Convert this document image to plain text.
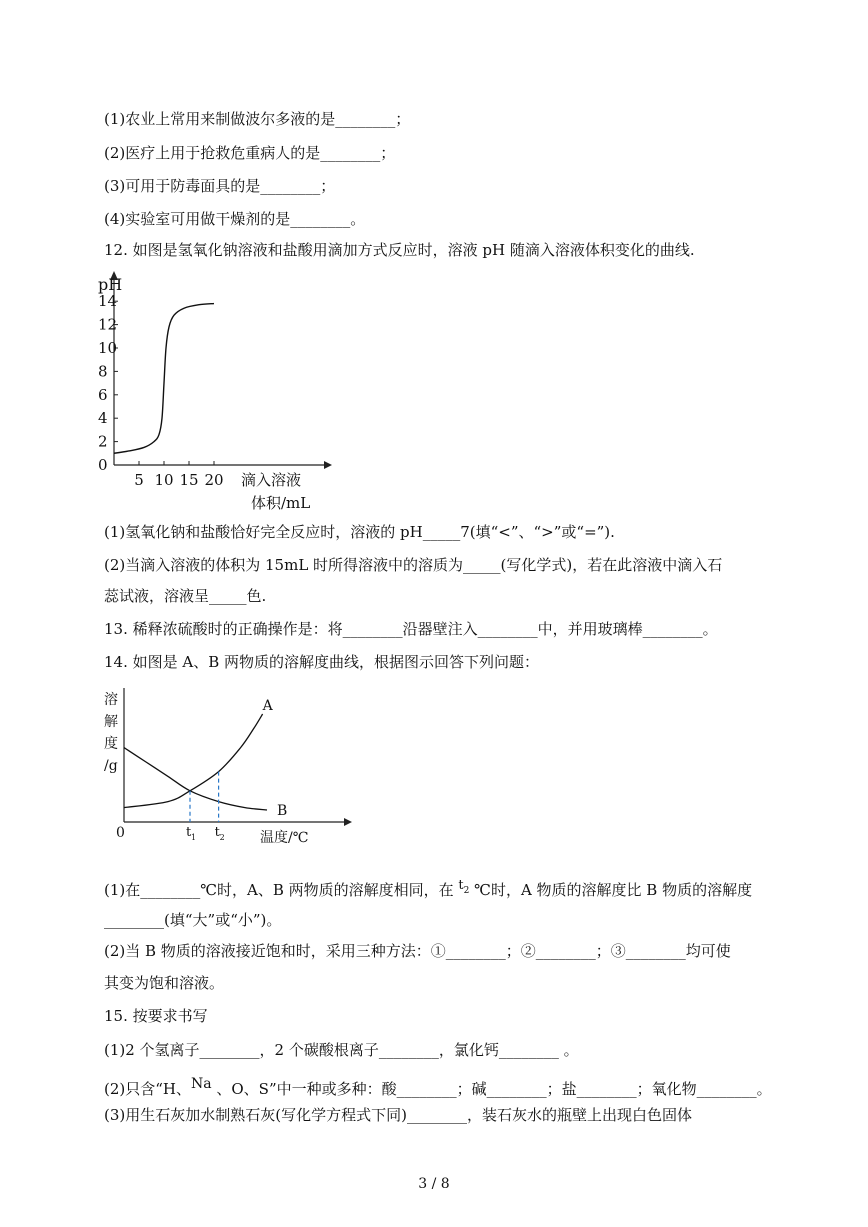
(1)农业上常用来制做波尔多液的是________；
(2)医疗上用于抢救危重病人的是________；
(3)可用于防毒面具的是________；
(4)实验室可用做干燥剂的是________。
12. 如图是氢氧化钠溶液和盐酸用滴加方式反应时，溶液 pH 随滴入溶液体积变化的曲线.
pH
0
2
4
6
8
10
12
14
5 10 15 20 滴入溶液
体积/mL
(1)氢氧化钠和盐酸恰好完全反应时，溶液的 pH_____7(填“<”、“>”或“=”).
(2)当滴入溶液的体积为 15mL 时所得溶液中的溶质为_____(写化学式)，若在此溶液中滴入石
蕊试液，溶液呈_____色.
13. 稀释浓硫酸时的正确操作是：将________沿器壁注入________中，并用玻璃棒________。
14. 如图是 A、B 两物质的溶解度曲线，根据图示回答下列问题：
溶解度/g
0	温度/℃
A
B
t 1 t 2
(1)在________℃时，A、B 两物质的溶解度相同，在 t2 ℃时，A 物质的溶解度比 B 物质的溶解度
________(填“大”或“小”)。
(2)当 B 物质的溶液接近饱和时，采用三种方法：①________；②________；③________均可使
其变为饱和溶液。
15. 按要求书写
(1)2 个氢离子________，2 个碳酸根离子________，氯化钙________ 。
(2)只含“H、Na 、O、S”中一种或多种：酸________；碱________；盐________；氧化物________。
(3)用生石灰加水制熟石灰(写化学方程式下同)________，装石灰水的瓶壁上出现白色固体
3 / 8
